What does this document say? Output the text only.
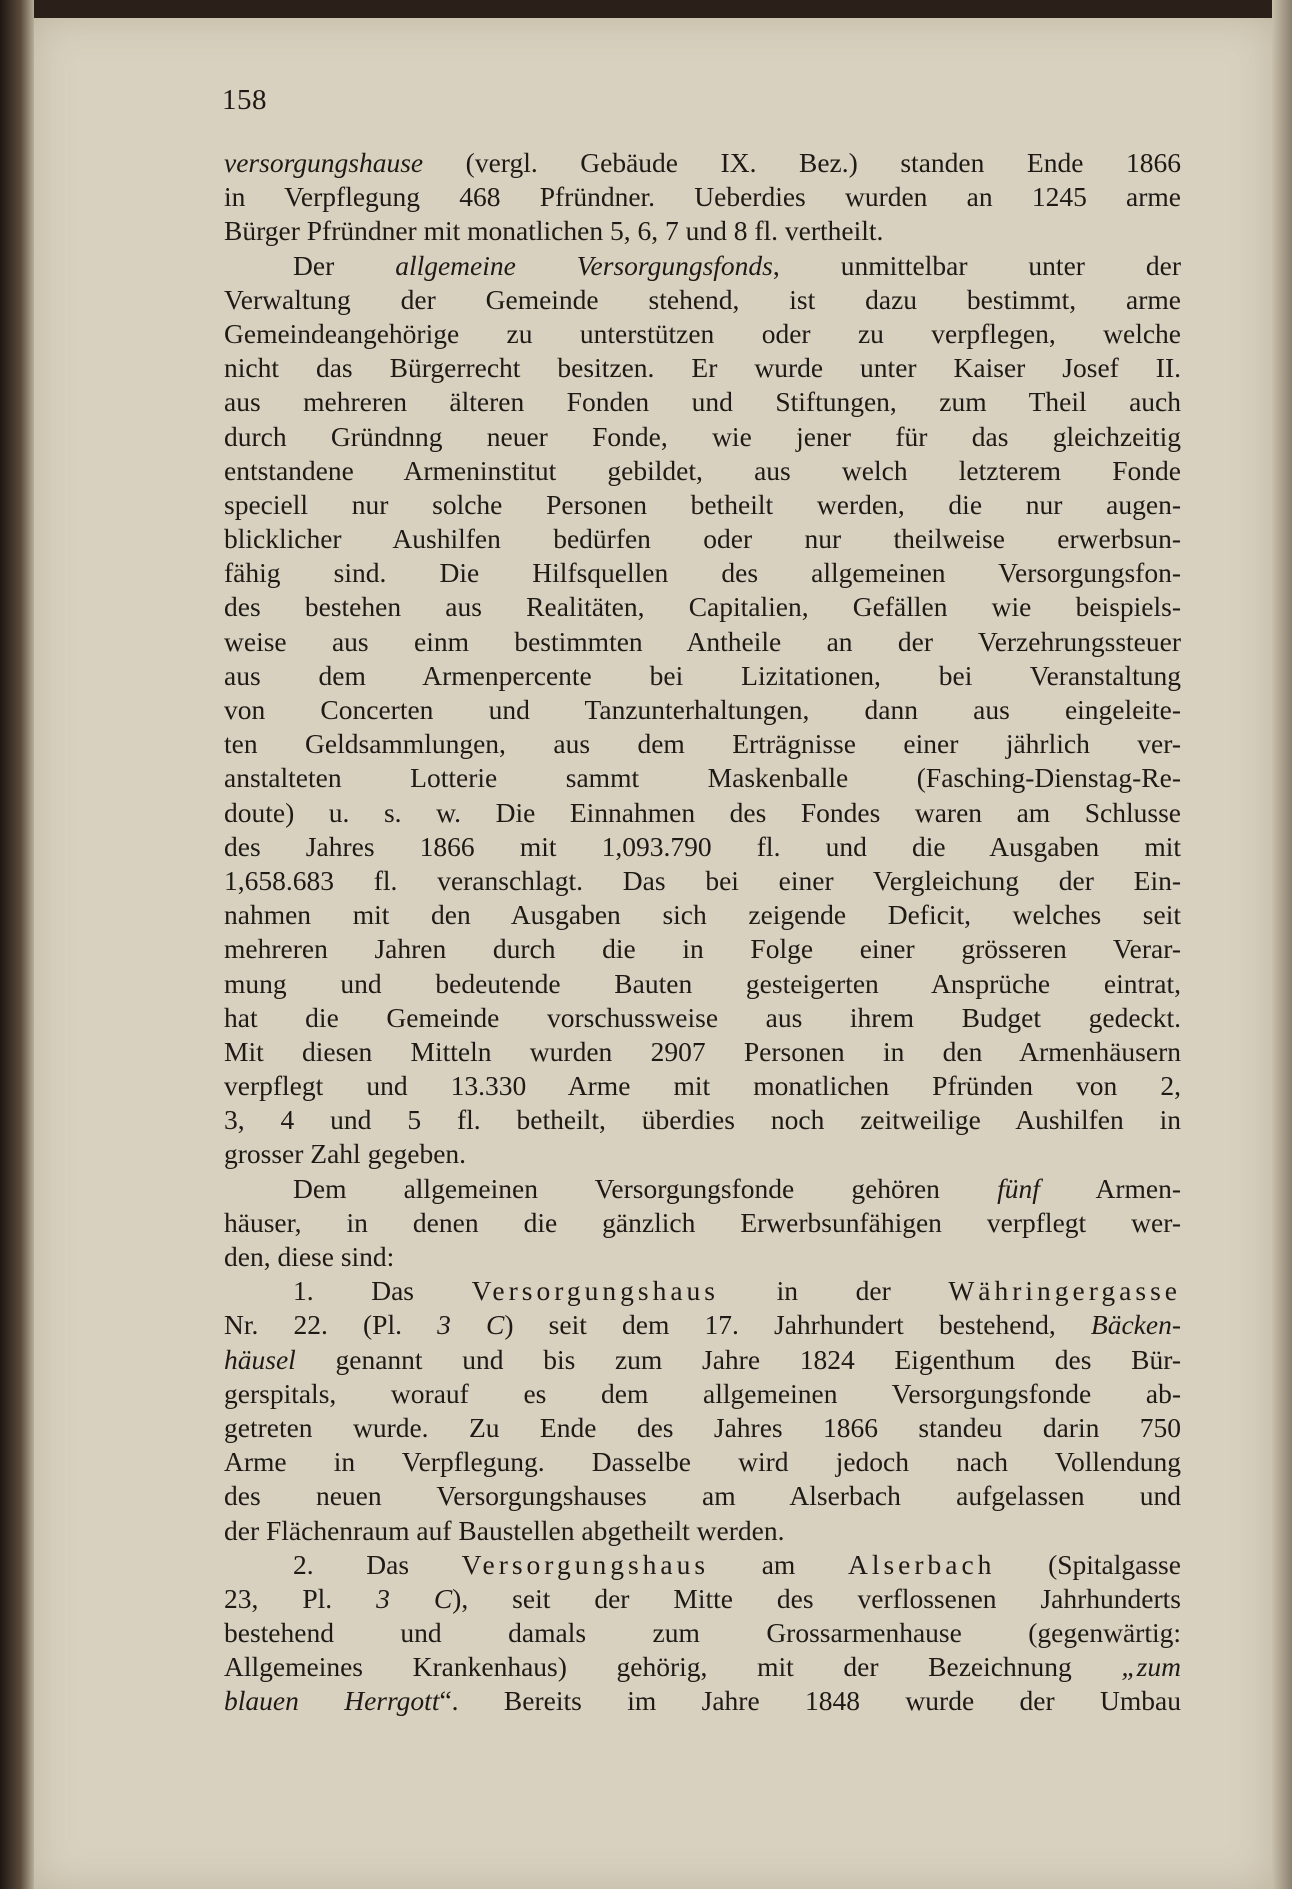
158
versorgungshause (vergl. Gebäude IX. Bez.) standen Ende 1866
in Verpflegung 468 Pfründner. Ueberdies wurden an 1245 arme
Bürger Pfründner mit monatlichen 5, 6, 7 und 8 fl. vertheilt.
Der allgemeine Versorgungsfonds, unmittelbar unter der
Verwaltung der Gemeinde stehend, ist dazu bestimmt, arme
Gemeindeangehörige zu unterstützen oder zu verpflegen, welche
nicht das Bürgerrecht besitzen. Er wurde unter Kaiser Josef II.
aus mehreren älteren Fonden und Stiftungen, zum Theil auch
durch Gründnng neuer Fonde, wie jener für das gleichzeitig
entstandene Armeninstitut gebildet, aus welch letzterem Fonde
speciell nur solche Personen betheilt werden, die nur augen-
blicklicher Aushilfen bedürfen oder nur theilweise erwerbsun-
fähig sind. Die Hilfsquellen des allgemeinen Versorgungsfon-
des bestehen aus Realitäten, Capitalien, Gefällen wie beispiels-
weise aus einm bestimmten Antheile an der Verzehrungssteuer
aus dem Armenpercente bei Lizitationen, bei Veranstaltung
von Concerten und Tanzunterhaltungen, dann aus eingeleite-
ten Geldsammlungen, aus dem Erträgnisse einer jährlich ver-
anstalteten Lotterie sammt Maskenballe (Fasching-Dienstag-Re-
doute) u. s. w. Die Einnahmen des Fondes waren am Schlusse
des Jahres 1866 mit 1,093.790 fl. und die Ausgaben mit
1,658.683 fl. veranschlagt. Das bei einer Vergleichung der Ein-
nahmen mit den Ausgaben sich zeigende Deficit, welches seit
mehreren Jahren durch die in Folge einer grösseren Verar-
mung und bedeutende Bauten gesteigerten Ansprüche eintrat,
hat die Gemeinde vorschussweise aus ihrem Budget gedeckt.
Mit diesen Mitteln wurden 2907 Personen in den Armenhäusern
verpflegt und 13.330 Arme mit monatlichen Pfründen von 2,
3, 4 und 5 fl. betheilt, überdies noch zeitweilige Aushilfen in
grosser Zahl gegeben.
Dem allgemeinen Versorgungsfonde gehören fünf Armen-
häuser, in denen die gänzlich Erwerbsunfähigen verpflegt wer-
den, diese sind:
1. Das Versorgungshaus in der Währingergasse
Nr. 22. (Pl. 3 C) seit dem 17. Jahrhundert bestehend, Bäcken-
häusel genannt und bis zum Jahre 1824 Eigenthum des Bür-
gerspitals, worauf es dem allgemeinen Versorgungsfonde ab-
getreten wurde. Zu Ende des Jahres 1866 standeu darin 750
Arme in Verpflegung. Dasselbe wird jedoch nach Vollendung
des neuen Versorgungshauses am Alserbach aufgelassen und
der Flächenraum auf Baustellen abgetheilt werden.
2. Das Versorgungshaus am Alserbach (Spitalgasse
23, Pl. 3 C), seit der Mitte des verflossenen Jahrhunderts
bestehend und damals zum Grossarmenhause (gegenwärtig:
Allgemeines Krankenhaus) gehörig, mit der Bezeichnung „zum
blauen Herrgott“. Bereits im Jahre 1848 wurde der Umbau
